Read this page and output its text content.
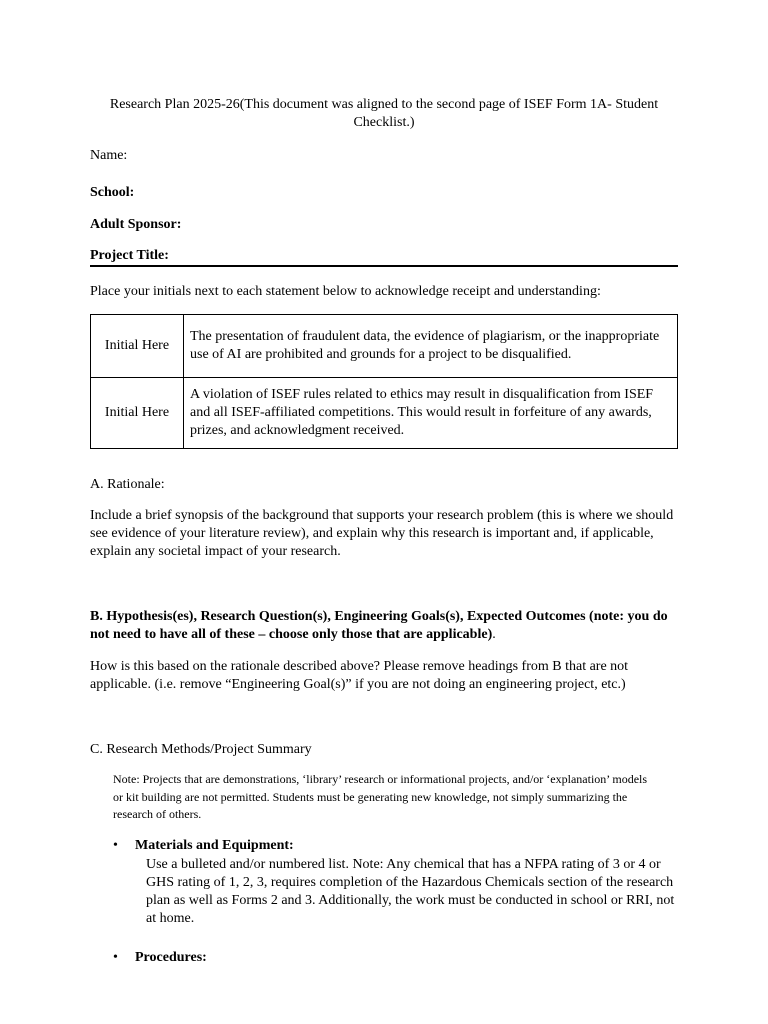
Research Plan 2025-26(This document was aligned to the second page of ISEF Form 1A- Student
Checklist.)
Name:
School:
Adult Sponsor:
Project Title:
Place your initials next to each statement below to acknowledge receipt and understanding:
Initial Here	The presentation of fraudulent data, the evidence of plagiarism, or the inappropriate use of AI are prohibited and grounds for a project to be disqualified.
Initial Here	A violation of ISEF rules related to ethics may result in disqualification from ISEF and all ISEF-affiliated competitions. This would result in forfeiture of any awards, prizes, and acknowledgment received.
A. Rationale:
Include a brief synopsis of the background that supports your research problem (this is where we should
see evidence of your literature review), and explain why this research is important and, if applicable,
explain any societal impact of your research.
B. Hypothesis(es), Research Question(s), Engineering Goals(s), Expected Outcomes (note: you do
not need to have all of these – choose only those that are applicable).
How is this based on the rationale described above? Please remove headings from B that are not
applicable. (i.e. remove “Engineering Goal(s)” if you are not doing an engineering project, etc.)
C. Research Methods/Project Summary
Note: Projects that are demonstrations, ‘library’ research or informational projects, and/or ‘explanation’ models
or kit building are not permitted. Students must be generating new knowledge, not simply summarizing the
research of others.
• Materials and Equipment:
Use a bulleted and/or numbered list. Note: Any chemical that has a NFPA rating of 3 or 4 or
GHS rating of 1, 2, 3, requires completion of the Hazardous Chemicals section of the research
plan as well as Forms 2 and 3. Additionally, the work must be conducted in school or RRI, not
at home.
• Procedures:
